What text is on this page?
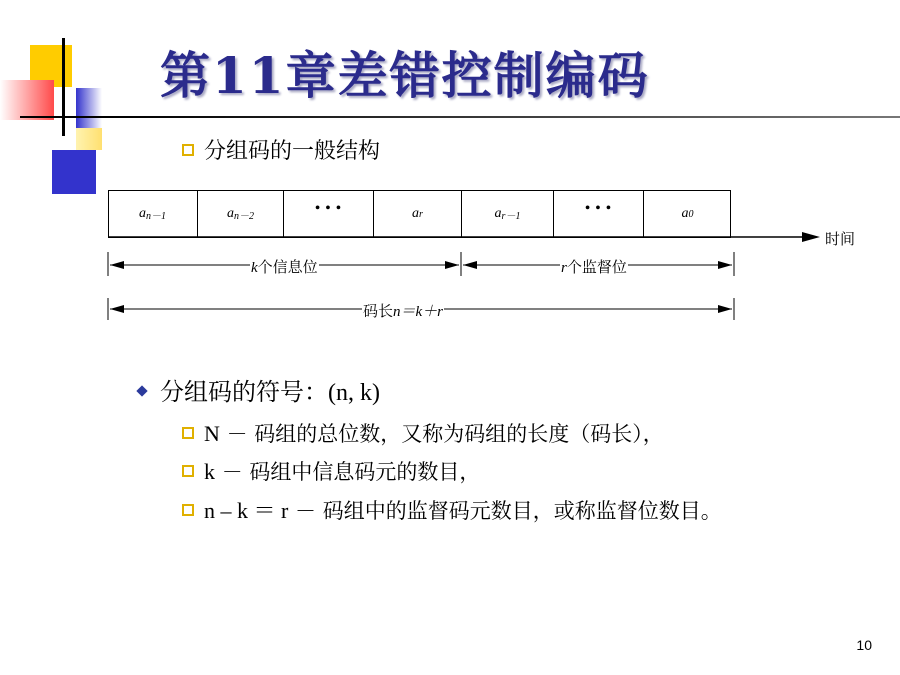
第11章差错控制编码
分组码的一般结构
a n－1	a n－2	• • •	a r	a r－1	• • •	a 0
时间
k个信息位	r个监督位
码长n＝k＋r
分组码的符号：(n, k)
N － 码组的总位数，又称为码组的长度（码长），
k － 码组中信息码元的数目，
n – k ＝ r － 码组中的监督码元数目，或称监督位数目。
10
